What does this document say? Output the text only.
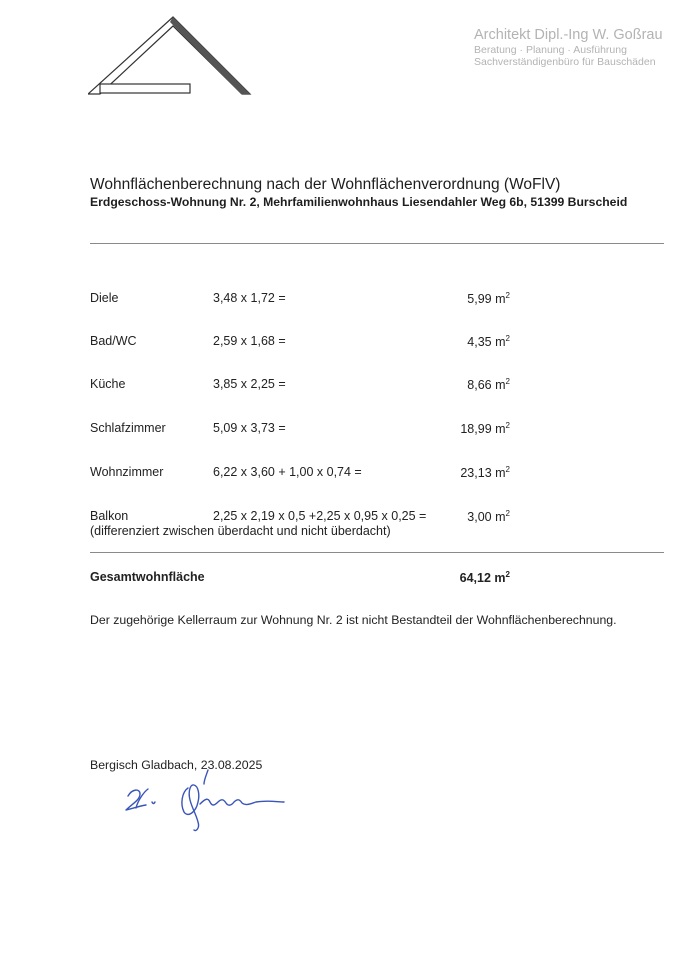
Architekt Dipl.-Ing W. Goßrau
Beratung · Planung · Ausführung
Sachverständigenbüro für Bauschäden
Wohnflächenberechnung nach der Wohnflächenverordnung (WoFlV)
Erdgeschoss-Wohnung Nr. 2, Mehrfamilienwohnhaus Liesendahler Weg 6b, 51399 Burscheid
Diele	3,48 x 1,72 =	5,99 $m^2$
Bad/WC	2,59 x 1,68 =	4,35 $m^2$
Küche	3,85 x 2,25 =	8,66 $m^2$
Schlafzimmer	5,09 x 3,73 =	18,99 $m^2$
Wohnzimmer	6,22 x 3,60 + 1,00 x 0,74 =	23,13 $m^2$
Balkon	2,25 x 2,19 x 0,5 +2,25 x 0,95 x 0,25 =	3,00 $m^2$
(differenziert zwischen überdacht und nicht überdacht)
Gesamtwohnfläche	64,12 $m^2$
Der zugehörige Kellerraum zur Wohnung Nr. 2 ist nicht Bestandteil der Wohnflächenberechnung.
Bergisch Gladbach, 23.08.2025
